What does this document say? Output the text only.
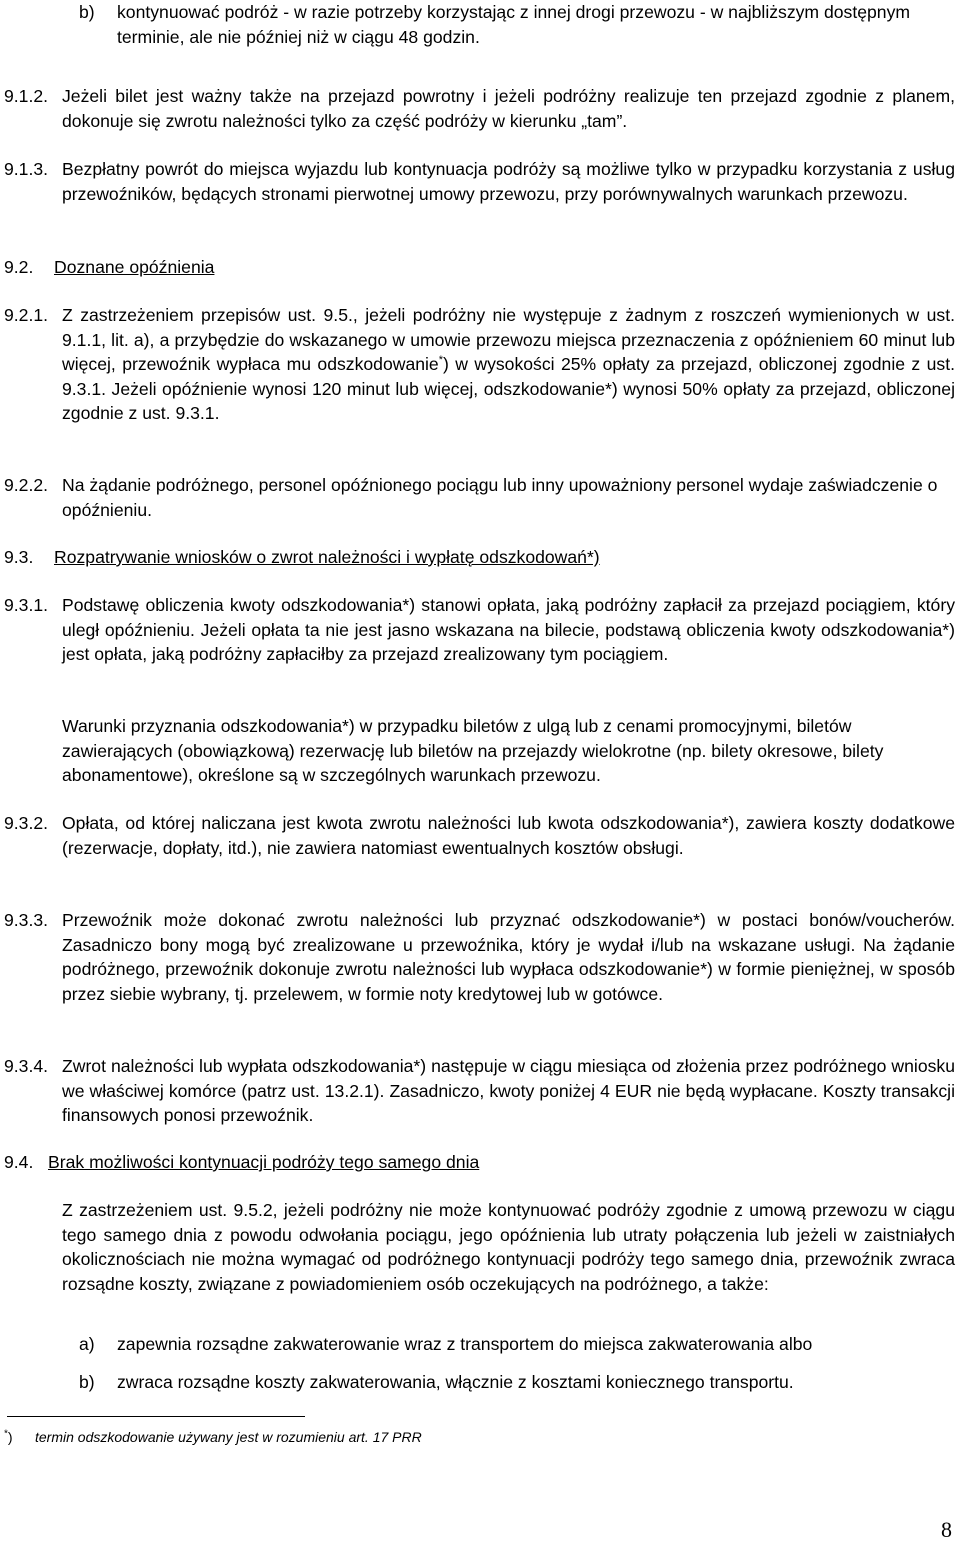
b) kontynuować podróż - w razie potrzeby korzystając z innej drogi przewozu - w najbliższym dostępnym terminie, ale nie później niż w ciągu 48 godzin.
9.1.2. Jeżeli bilet jest ważny także na przejazd powrotny i jeżeli podróżny realizuje ten przejazd zgodnie z planem, dokonuje się zwrotu należności tylko za część podróży w kierunku „tam”.
9.1.3. Bezpłatny powrót do miejsca wyjazdu lub kontynuacja podróży są możliwe tylko w przypadku korzystania z usług przewoźników, będących stronami pierwotnej umowy przewozu, przy porównywalnych warunkach przewozu.
9.2. Doznane opóźnienia
9.2.1. Z zastrzeżeniem przepisów ust. 9.5., jeżeli podróżny nie występuje z żadnym z roszczeń wymienionych w ust. 9.1.1, lit. a), a przybędzie do wskazanego w umowie przewozu miejsca przeznaczenia z opóźnieniem 60 minut lub więcej, przewoźnik wypłaca mu odszkodowanie*) w wysokości 25% opłaty za przejazd, obliczonej zgodnie z ust. 9.3.1. Jeżeli opóźnienie wynosi 120 minut lub więcej, odszkodowanie*) wynosi 50% opłaty za przejazd, obliczonej zgodnie z ust. 9.3.1.
9.2.2. Na żądanie podróżnego, personel opóźnionego pociągu lub inny upoważniony personel wydaje zaświadczenie o opóźnieniu.
9.3. Rozpatrywanie wniosków o zwrot należności i wypłatę odszkodowań*)
9.3.1. Podstawę obliczenia kwoty odszkodowania*) stanowi opłata, jaką podróżny zapłacił za przejazd pociągiem, który uległ opóźnieniu. Jeżeli opłata ta nie jest jasno wskazana na bilecie, podstawą obliczenia kwoty odszkodowania*) jest opłata, jaką podróżny zapłaciłby za przejazd zrealizowany tym pociągiem.
Warunki przyznania odszkodowania*) w przypadku biletów z ulgą lub z cenami promocyjnymi, biletów zawierających (obowiązkową) rezerwację lub biletów na przejazdy wielokrotne (np. bilety okresowe, bilety abonamentowe), określone są w szczególnych warunkach przewozu.
9.3.2. Opłata, od której naliczana jest kwota zwrotu należności lub kwota odszkodowania*), zawiera koszty dodatkowe (rezerwacje, dopłaty, itd.), nie zawiera natomiast ewentualnych kosztów obsługi.
9.3.3. Przewoźnik może dokonać zwrotu należności lub przyznać odszkodowanie*) w postaci bonów/voucherów. Zasadniczo bony mogą być zrealizowane u przewoźnika, który je wydał i/lub na wskazane usługi. Na żądanie podróżnego, przewoźnik dokonuje zwrotu należności lub wypłaca odszkodowanie*) w formie pieniężnej, w sposób przez siebie wybrany, tj. przelewem, w formie noty kredytowej lub w gotówce.
9.3.4. Zwrot należności lub wypłata odszkodowania*) następuje w ciągu miesiąca od złożenia przez podróżnego wniosku we właściwej komórce (patrz ust. 13.2.1). Zasadniczo, kwoty poniżej 4 EUR nie będą wypłacane. Koszty transakcji finansowych ponosi przewoźnik.
9.4. Brak możliwości kontynuacji podróży tego samego dnia
Z zastrzeżeniem ust. 9.5.2, jeżeli podróżny nie może kontynuować podróży zgodnie z umową przewozu w ciągu tego samego dnia z powodu odwołania pociągu, jego opóźnienia lub utraty połączenia lub jeżeli w zaistniałych okolicznościach nie można wymagać od podróżnego kontynuacji podróży tego samego dnia, przewoźnik zwraca rozsądne koszty, związane z powiadomieniem osób oczekujących na podróżnego, a także:
a) zapewnia rozsądne zakwaterowanie wraz z transportem do miejsca zakwaterowania albo
b) zwraca rozsądne koszty zakwaterowania, włącznie z kosztami koniecznego transportu.
*) termin odszkodowanie używany jest w rozumieniu art. 17 PRR
8
